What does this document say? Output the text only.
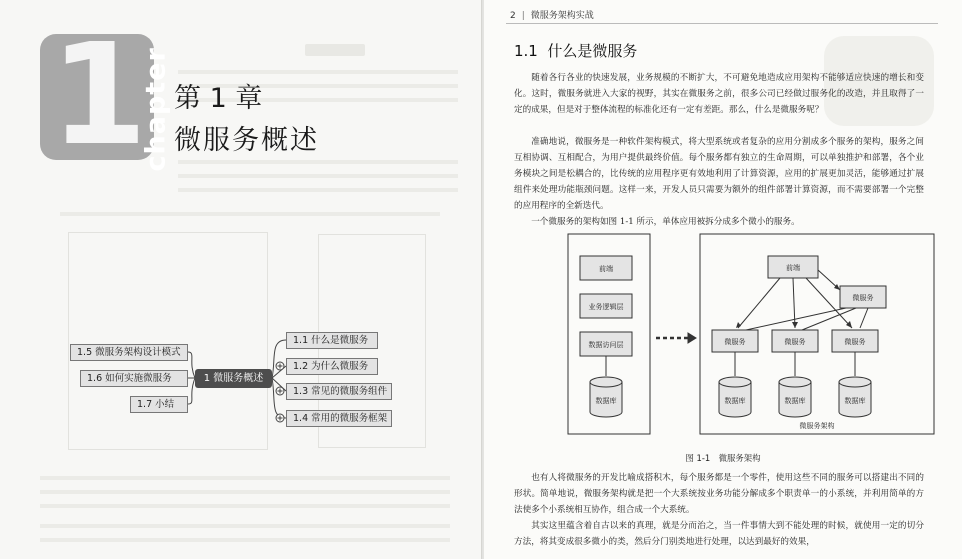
1
chapter 第 1 章
微服务概述
1 微服务概述
1.1 什么是微服务
1.2 为什么微服务
1.3 常见的微服务组件
1.4 常用的微服务框架
1.5 微服务架构设计模式
1.6 如何实施微服务
1.7 小结
2 | 微服务架构实战
1.1 什么是微服务
随着各行各业的快速发展，业务规模的不断扩大，不可避免地造成应用架构不能够适应快速的增长和变化。这时，微服务就进入大家的视野，其实在微服务之前，很多公司已经做过服务化的改造，并且取得了一定的成果，但是对于整体流程的标准化还有一定有差距。那么，什么是微服务呢？
准确地说，微服务是一种软件架构模式，将大型系统或者复杂的应用分割成多个服务的架构，服务之间互相协调、互相配合，为用户提供最终价值。每个服务都有独立的生命周期，可以单独推护和部署，各个业务模块之间是松耦合的，比传统的应用程序更有效地利用了计算资源，应用的扩展更加灵活，能够通过扩展组件来处理功能瓶颈问题。这样一来，开发人员只需要为额外的组件部署计算资源，而不需要部署一个完整的应用程序的全新迭代。
一个微服务的架构如图 1-1 所示，单体应用被拆分成多个微小的服务。
前端
业务逻辑层
数据访问层
数据库
前端
微服务
微服务	微服务	微服务
数据库	数据库	数据库
微服务架构
图 1-1　微服务架构
也有人将微服务的开发比喻成搭积木，每个服务都是一个零件，使用这些不同的服务可以搭建出不同的形状。简单地说，微服务架构就是把一个大系统按业务功能分解成多个职责单一的小系统，并利用简单的方法使多个小系统相互协作，组合成一个大系统。
其实这里蕴含着自古以来的真理，就是分而治之，当一件事情大到不能处理的时候，就使用一定的切分方法，将其变成很多微小的类，然后分门别类地进行处理，以达到最好的效果，
